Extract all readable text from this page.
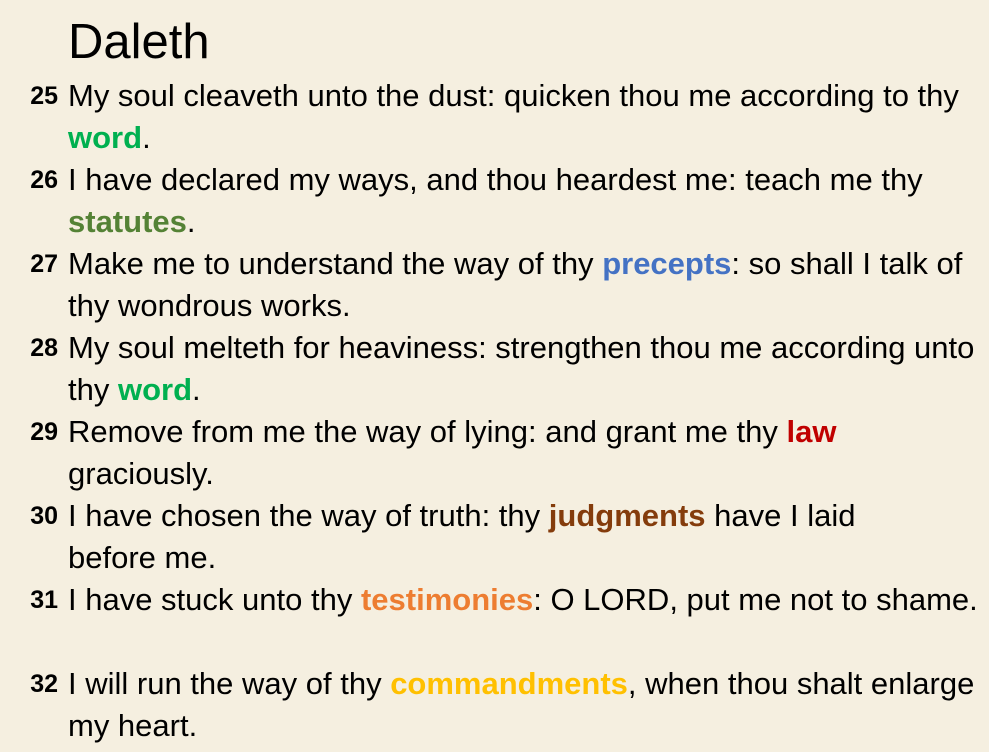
Daleth
25 My soul cleaveth unto the dust: quicken thou me according to thy word.
26 I have declared my ways, and thou heardest me: teach me thy statutes.
27 Make me to understand the way of thy precepts: so shall I talk of thy wondrous works.
28 My soul melteth for heaviness: strengthen thou me according unto thy word.
29 Remove from me the way of lying: and grant me thy law graciously.
30 I have chosen the way of truth: thy judgments have I laid before me.
31 I have stuck unto thy testimonies: O LORD, put me not to shame.
32 I will run the way of thy commandments, when thou shalt enlarge my heart.
